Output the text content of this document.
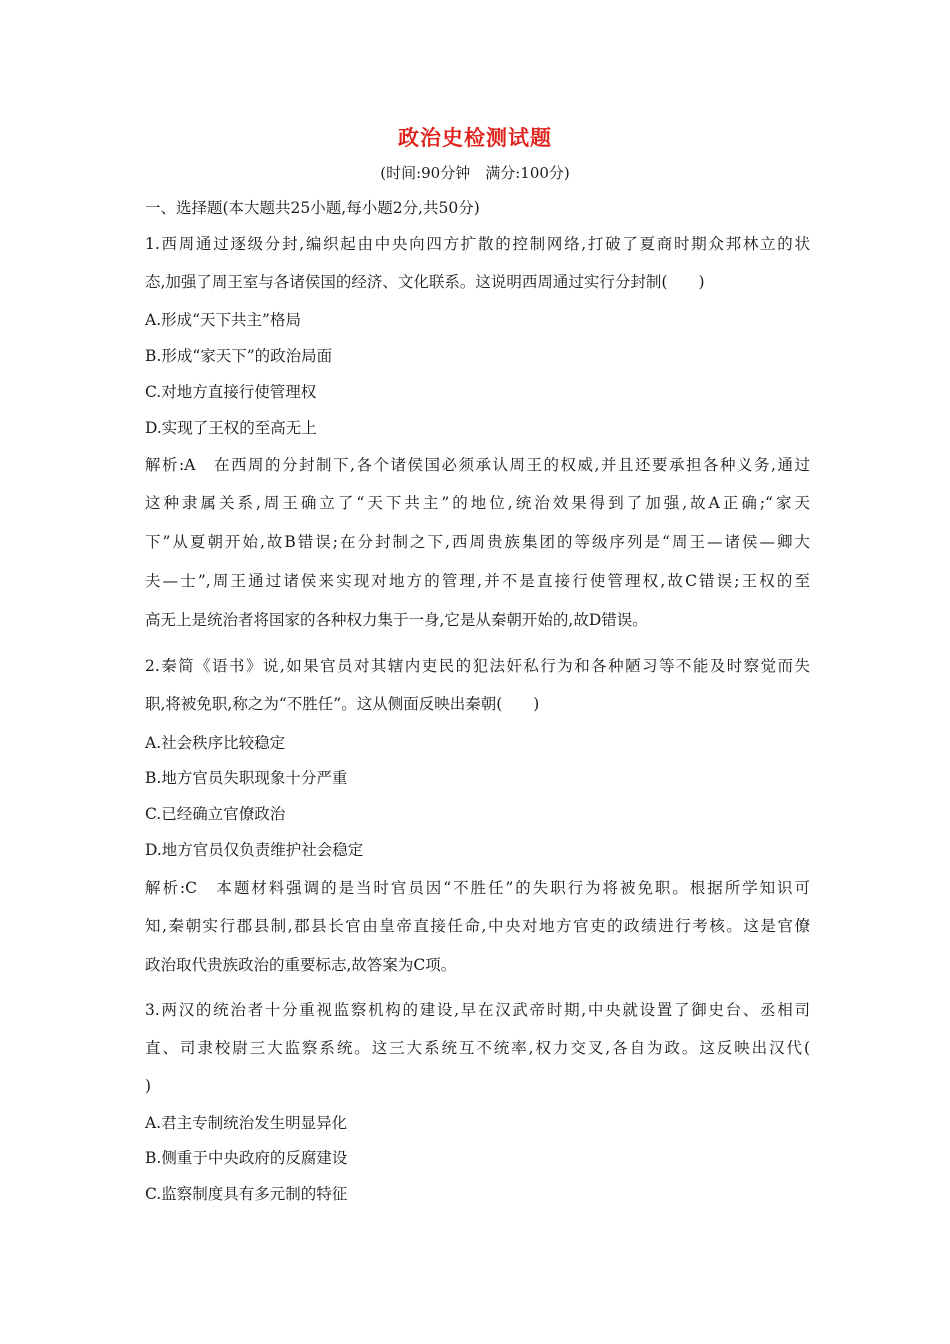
政治史检测试题
(时间:90分钟　满分:100分)
一、选择题(本大题共25小题,每小题2分,共50分)
1.西周通过逐级分封,编织起由中央向四方扩散的控制网络,打破了夏商时期众邦林立的状
态,加强了周王室与各诸侯国的经济、文化联系。这说明西周通过实行分封制(　　)
A.形成“天下共主”格局
B.形成“家天下”的政治局面
C.对地方直接行使管理权
D.实现了王权的至高无上
解析:A　在西周的分封制下,各个诸侯国必须承认周王的权威,并且还要承担各种义务,通过
这种隶属关系,周王确立了“天下共主”的地位,统治效果得到了加强,故A正确;“家天
下”从夏朝开始,故B错误;在分封制之下,西周贵族集团的等级序列是“周王—诸侯—卿大
夫—士”,周王通过诸侯来实现对地方的管理,并不是直接行使管理权,故C错误;王权的至
高无上是统治者将国家的各种权力集于一身,它是从秦朝开始的,故D错误。
2.秦简《语书》说,如果官员对其辖内吏民的犯法奸私行为和各种陋习等不能及时察觉而失
职,将被免职,称之为“不胜任”。这从侧面反映出秦朝(　　)
A.社会秩序比较稳定
B.地方官员失职现象十分严重
C.已经确立官僚政治
D.地方官员仅负责维护社会稳定
解析:C　本题材料强调的是当时官员因“不胜任”的失职行为将被免职。根据所学知识可
知,秦朝实行郡县制,郡县长官由皇帝直接任命,中央对地方官吏的政绩进行考核。这是官僚
政治取代贵族政治的重要标志,故答案为C项。
3.两汉的统治者十分重视监察机构的建设,早在汉武帝时期,中央就设置了御史台、丞相司
直、司隶校尉三大监察系统。这三大系统互不统率,权力交叉,各自为政。这反映出汉代(
)
A.君主专制统治发生明显异化
B.侧重于中央政府的反腐建设
C.监察制度具有多元制的特征
